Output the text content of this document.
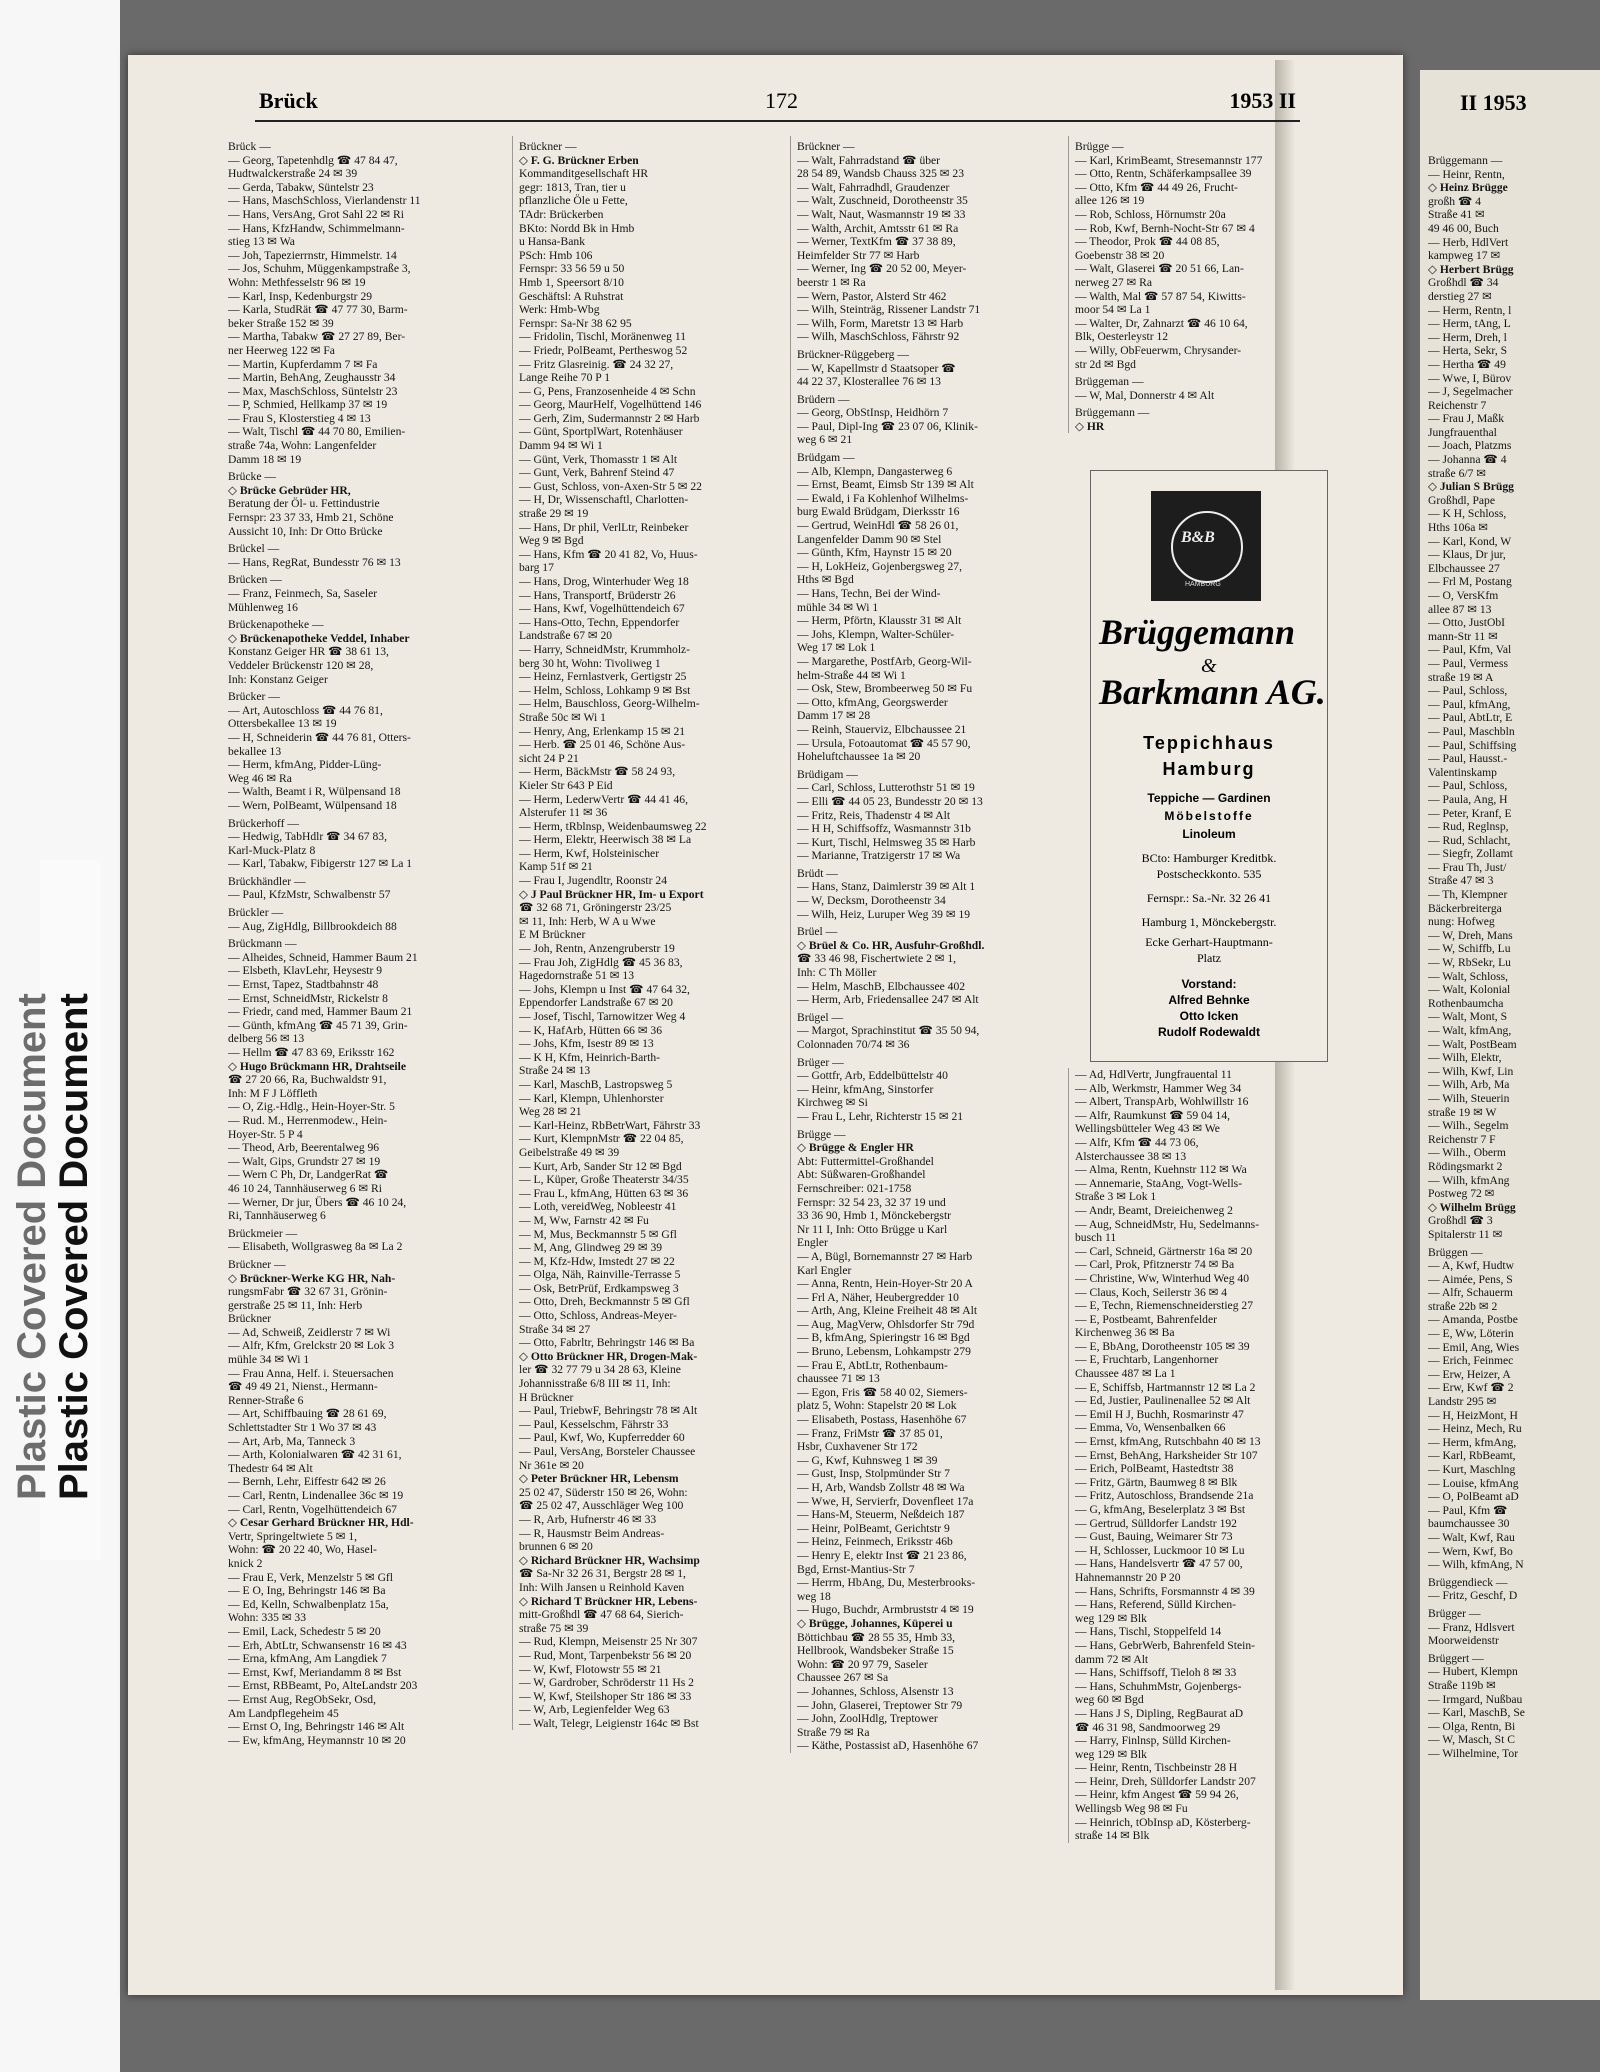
Plastic Covered Document
Plastic Covered Document
II 1953
Brüggemann —
— Heinr, Rentn,
◇ Heinz Brügge
großh ☎ 4
Straße 41 ✉
49 46 00, Buch
— Herb, HdlVert
kampweg 17 ✉
◇ Herbert Brügg
Großhdl ☎ 34
derstieg 27 ✉
— Herm, Rentn, l
— Herm, tAng, L
— Herm, Dreh, l
— Herta, Sekr, S
— Hertha ☎ 49
— Wwe, I, Bürov
— J, Segelmacher
Reichenstr 7
— Frau J, Maßk
Jungfrauenthal
— Joach, Platzms
— Johanna ☎ 4
straße 6/7 ✉
◇ Julian S Brügg
Großhdl, Pape
— K H, Schloss,
Hths 106a ✉
— Karl, Kond, W
— Klaus, Dr jur,
Elbchaussee 27
— Frl M, Postang
— O, VersKfm
allee 87 ✉ 13
— Otto, JustObI
mann-Str 11 ✉
— Paul, Kfm, Val
— Paul, Vermess
straße 19 ✉ A
— Paul, Schloss,
— Paul, kfmAng,
— Paul, AbtLtr, E
— Paul, Maschbln
— Paul, Schiffsing
— Paul, Hausst.-
Valentinskamp
— Paul, Schloss,
— Paula, Ang, H
— Peter, Kranf, E
— Rud, Reglnsp,
— Rud, Schlacht,
— Siegfr, Zollamt
— Frau Th, Just/
Straße 47 ✉ 3
— Th, Klempner
Bäckerbreiterga
nung: Hofweg
— W, Dreh, Mans
— W, Schiffb, Lu
— W, RbSekr, Lu
— Walt, Schloss,
— Walt, Kolonial
Rothenbaumcha
— Walt, Mont, S
— Walt, kfmAng,
— Walt, PostBeam
— Wilh, Elektr,
— Wilh, Kwf, Lin
— Wilh, Arb, Ma
— Wilh, Steuerin
straße 19 ✉ W
— Wilh., Segelm
Reichenstr 7 F
— Wilh., Oberm
Rödingsmarkt 2
— Wilh, kfmAng
Postweg 72 ✉
◇ Wilhelm Brügg
Großhdl ☎ 3
Spitalerstr 11 ✉
Brüggen —
— A, Kwf, Hudtw
— Aimée, Pens, S
— Alfr, Schauerm
straße 22b ✉ 2
— Amanda, Postbe
— E, Ww, Löterin
— Emil, Ang, Wies
— Erich, Feinmec
— Erw, Heizer, A
— Erw, Kwf ☎ 2
Landstr 295 ✉
— H, HeizMont, H
— Heinz, Mech, Ru
— Herm, kfmAng,
— Karl, RbBeamt,
— Kurt, Maschlng
— Louise, kfmAng
— O, PolBeamt aD
— Paul, Kfm ☎
baumchaussee 30
— Walt, Kwf, Rau
— Wern, Kwf, Bo
— Wilh, kfmAng, N
Brüggendieck —
— Fritz, Geschf, D
Brügger —
— Franz, Hdlsvert
Moorweidenstr
Brüggert —
— Hubert, Klempn
Straße 119b ✉
— Irmgard, Nußbau
— Karl, MaschB, Se
— Olga, Rentn, Bi
— W, Masch, St C
— Wilhelmine, Tor
Brück	172	1953 II
Brück —
— Georg, Tapetenhdlg ☎ 47 84 47,
Hudtwalckerstraße 24 ✉ 39
— Gerda, Tabakw, Süntelstr 23
— Hans, MaschSchloss, Vierlandenstr 11
— Hans, VersAng, Grot Sahl 22 ✉ Ri
— Hans, KfzHandw, Schimmelmann-
stieg 13 ✉ Wa
— Joh, Tapezierrnstr, Himmelstr. 14
— Jos, Schuhm, Müggenkampstraße 3,
Wohn: Methfesselstr 96 ✉ 19
— Karl, Insp, Kedenburgstr 29
— Karla, StudRät ☎ 47 77 30, Barm-
beker Straße 152 ✉ 39
— Martha, Tabakw ☎ 27 27 89, Ber-
ner Heerweg 122 ✉ Fa
— Martin, Kupferdamm 7 ✉ Fa
— Martin, BehAng, Zeughausstr 34
— Max, MaschSchloss, Süntelstr 23
— P, Schmied, Hellkamp 37 ✉ 19
— Frau S, Klosterstieg 4 ✉ 13
— Walt, Tischl ☎ 44 70 80, Emilien-
straße 74a, Wohn: Langenfelder
Damm 18 ✉ 19
Brücke —
◇ Brücke Gebrüder HR,
Beratung der Öl- u. Fettindustrie
Fernspr: 23 37 33, Hmb 21, Schöne
Aussicht 10, Inh: Dr Otto Brücke
Brückel —
— Hans, RegRat, Bundesstr 76 ✉ 13
Brücken —
— Franz, Feinmech, Sa, Saseler
Mühlenweg 16
Brückenapotheke —
◇ Brückenapotheke Veddel, Inhaber
Konstanz Geiger HR ☎ 38 61 13,
Veddeler Brückenstr 120 ✉ 28,
Inh: Konstanz Geiger
Brücker —
— Art, Autoschloss ☎ 44 76 81,
Ottersbekallee 13 ✉ 19
— H, Schneiderin ☎ 44 76 81, Otters-
bekallee 13
— Herm, kfmAng, Pidder-Lüng-
Weg 46 ✉ Ra
— Walth, Beamt i R, Wülpensand 18
— Wern, PolBeamt, Wülpensand 18
Brückerhoff —
— Hedwig, TabHdlr ☎ 34 67 83,
Karl-Muck-Platz 8
— Karl, Tabakw, Fibigerstr 127 ✉ La 1
Brückhändler —
— Paul, KfzMstr, Schwalbenstr 57
Brückler —
— Aug, ZigHdlg, Billbrookdeich 88
Brückmann —
— Alheides, Schneid, Hammer Baum 21
— Elsbeth, KlavLehr, Heysestr 9
— Ernst, Tapez, Stadtbahnstr 48
— Ernst, SchneidMstr, Rickelstr 8
— Friedr, cand med, Hammer Baum 21
— Günth, kfmAng ☎ 45 71 39, Grin-
delberg 56 ✉ 13
— Hellm ☎ 47 83 69, Eriksstr 162
◇ Hugo Brückmann HR, Drahtseile
☎ 27 20 66, Ra, Buchwaldstr 91,
Inh: M F J Löffleth
— O, Zig.-Hdlg., Hein-Hoyer-Str. 5
— Rud. M., Herrenmodew., Hein-
Hoyer-Str. 5 P 4
— Theod, Arb, Beerentalweg 96
— Walt, Gips, Grundstr 27 ✉ 19
— Wern C Ph, Dr, LandgerRat ☎
46 10 24, Tannhäuserweg 6 ✉ Ri
— Werner, Dr jur, Übers ☎ 46 10 24,
Ri, Tannhäuserweg 6
Brückmeier —
— Elisabeth, Wollgrasweg 8a ✉ La 2
Brückner —
◇ Brückner-Werke KG HR, Nah-
rungsmFabr ☎ 32 67 31, Grönin-
gerstraße 25 ✉ 11, Inh: Herb
Brückner
— Ad, Schweiß, Zeidlerstr 7 ✉ Wi
— Alfr, Kfm, Grelckstr 20 ✉ Lok 3
mühle 34 ✉ Wi 1
— Frau Anna, Helf. i. Steuersachen
☎ 49 49 21, Nienst., Hermann-
Renner-Straße 6
— Art, Schiffbauing ☎ 28 61 69,
Schlettstadter Str 1 Wo 37 ✉ 43
— Art, Arb, Ma, Tanneck 3
— Arth, Kolonialwaren ☎ 42 31 61,
Thedestr 64 ✉ Alt
— Bernh, Lehr, Eiffestr 642 ✉ 26
— Carl, Rentn, Lindenallee 36c ✉ 19
— Carl, Rentn, Vogelhüttendeich 67
◇ Cesar Gerhard Brückner HR, Hdl-
Vertr, Springeltwiete 5 ✉ 1,
Wohn: ☎ 20 22 40, Wo, Hasel-
knick 2
— Frau E, Verk, Menzelstr 5 ✉ Gfl
— E O, Ing, Behringstr 146 ✉ Ba
— Ed, Kelln, Schwalbenplatz 15a,
Wohn: 335 ✉ 33
— Emil, Lack, Schedestr 5 ✉ 20
— Erh, AbtLtr, Schwansenstr 16 ✉ 43
— Erna, kfmAng, Am Langdiek 7
— Ernst, Kwf, Meriandamm 8 ✉ Bst
— Ernst, RBBeamt, Po, AlteLandstr 203
— Ernst Aug, RegObSekr, Osd,
Am Landpflegeheim 45
— Ernst O, Ing, Behringstr 146 ✉ Alt
— Ew, kfmAng, Heymannstr 10 ✉ 20
Brückner —
◇ F. G. Brückner Erben
Kommanditgesellschaft HR
gegr: 1813, Tran, tier u
pflanzliche Öle u Fette,
TAdr: Brückerben
BKto: Nordd Bk in Hmb
u Hansa-Bank
PSch: Hmb 106
Fernspr: 33 56 59 u 50
Hmb 1, Speersort 8/10
Geschäftsl: A Ruhstrat
Werk: Hmb-Wbg
Fernspr: Sa-Nr 38 62 95
— Fridolin, Tischl, Moränenweg 11
— Friedr, PolBeamt, Pertheswog 52
— Fritz Glasreinig. ☎ 24 32 27,
Lange Reihe 70 P 1
— G, Pens, Franzosenheide 4 ✉ Schn
— Georg, MaurHelf, Vogelhüttend 146
— Gerh, Zim, Sudermannstr 2 ✉ Harb
— Günt, SportplWart, Rotenhäuser
Damm 94 ✉ Wi 1
— Günt, Verk, Thomasstr 1 ✉ Alt
— Gunt, Verk, Bahrenf Steind 47
— Gust, Schloss, von-Axen-Str 5 ✉ 22
— H, Dr, Wissenschaftl, Charlotten-
straße 29 ✉ 19
— Hans, Dr phil, VerlLtr, Reinbeker
Weg 9 ✉ Bgd
— Hans, Kfm ☎ 20 41 82, Vo, Huus-
barg 17
— Hans, Drog, Winterhuder Weg 18
— Hans, Transportf, Brüderstr 26
— Hans, Kwf, Vogelhüttendeich 67
— Hans-Otto, Techn, Eppendorfer
Landstraße 67 ✉ 20
— Harry, SchneidMstr, Krummholz-
berg 30 ht, Wohn: Tivoliweg 1
— Heinz, Fernlastverk, Gertigstr 25
— Helm, Schloss, Lohkamp 9 ✉ Bst
— Helm, Bauschloss, Georg-Wilhelm-
Straße 50c ✉ Wi 1
— Henry, Ang, Erlenkamp 15 ✉ 21
— Herb. ☎ 25 01 46, Schöne Aus-
sicht 24 P 21
— Herm, BäckMstr ☎ 58 24 93,
Kieler Str 643 P Eid
— Herm, LederwVertr ☎ 44 41 46,
Alsterufer 11 ✉ 36
— Herm, tRblnsp, Weidenbaumsweg 22
— Herm, Elektr, Heerwisch 38 ✉ La
— Herm, Kwf, Holsteinischer
Kamp 51f ✉ 21
— Frau I, Jugendltr, Roonstr 24
◇ J Paul Brückner HR, Im- u Export
☎ 32 68 71, Gröningerstr 23/25
✉ 11, Inh: Herb, W A u Wwe
E M Brückner
— Joh, Rentn, Anzengruberstr 19
— Frau Joh, ZigHdlg ☎ 45 36 83,
Hagedornstraße 51 ✉ 13
— Johs, Klempn u Inst ☎ 47 64 32,
Eppendorfer Landstraße 67 ✉ 20
— Josef, Tischl, Tarnowitzer Weg 4
— K, HafArb, Hütten 66 ✉ 36
— Johs, Kfm, Isestr 89 ✉ 13
— K H, Kfm, Heinrich-Barth-
Straße 24 ✉ 13
— Karl, MaschB, Lastropsweg 5
— Karl, Klempn, Uhlenhorster
Weg 28 ✉ 21
— Karl-Heinz, RbBetrWart, Fährstr 33
— Kurt, KlempnMstr ☎ 22 04 85,
Geibelstraße 49 ✉ 39
— Kurt, Arb, Sander Str 12 ✉ Bgd
— L, Küper, Große Theaterstr 34/35
— Frau L, kfmAng, Hütten 63 ✉ 36
— Loth, vereidWeg, Nobleestr 41
— M, Ww, Farnstr 42 ✉ Fu
— M, Mus, Beckmannstr 5 ✉ Gfl
— M, Ang, Glindweg 29 ✉ 39
— M, Kfz-Hdw, Imstedt 27 ✉ 22
— Olga, Näh, Rainville-Terrasse 5
— Osk, BetrPrüf, Erdkampsweg 3
— Otto, Dreh, Beckmannstr 5 ✉ Gfl
— Otto, Schloss, Andreas-Meyer-
Straße 34 ✉ 27
— Otto, Fabrltr, Behringstr 146 ✉ Ba
◇ Otto Brückner HR, Drogen-Mak-
ler ☎ 32 77 79 u 34 28 63, Kleine
Johannisstraße 6/8 III ✉ 11, Inh:
H Brückner
— Paul, TriebwF, Behringstr 78 ✉ Alt
— Paul, Kesselschm, Fährstr 33
— Paul, Kwf, Wo, Kupferredder 60
— Paul, VersAng, Borsteler Chaussee
Nr 361e ✉ 20
◇ Peter Brückner HR, Lebensm
25 02 47, Süderstr 150 ✉ 26, Wohn:
☎ 25 02 47, Ausschläger Weg 100
— R, Arb, Hufnerstr 46 ✉ 33
— R, Hausmstr Beim Andreas-
brunnen 6 ✉ 20
◇ Richard Brückner HR, Wachsimp
☎ Sa-Nr 32 26 31, Bergstr 28 ✉ 1,
Inh: Wilh Jansen u Reinhold Kaven
◇ Richard T Brückner HR, Lebens-
mitt-Großhdl ☎ 47 68 64, Sierich-
straße 75 ✉ 39
— Rud, Klempn, Meisenstr 25 Nr 307
— Rud, Mont, Tarpenbekstr 56 ✉ 20
— W, Kwf, Flotowstr 55 ✉ 21
— W, Gardrober, Schröderstr 11 Hs 2
— W, Kwf, Steilshoper Str 186 ✉ 33
— W, Arb, Legienfelder Weg 63
— Walt, Telegr, Leigienstr 164c ✉ Bst
Brückner —
— Walt, Fahrradstand ☎ über
28 54 89, Wandsb Chauss 325 ✉ 23
— Walt, Fahrradhdl, Graudenzer
— Walt, Zuschneid, Dorotheenstr 35
— Walt, Naut, Wasmannstr 19 ✉ 33
— Walth, Archit, Amtsstr 61 ✉ Ra
— Werner, TextKfm ☎ 37 38 89,
Heimfelder Str 77 ✉ Harb
— Werner, Ing ☎ 20 52 00, Meyer-
beerstr 1 ✉ Ra
— Wern, Pastor, Alsterd Str 462
— Wilh, Steinträg, Rissener Landstr 71
— Wilh, Form, Maretstr 13 ✉ Harb
— Wilh, MaschSchloss, Fährstr 92
Brückner-Rüggeberg —
— W, Kapellmstr d Staatsoper ☎
44 22 37, Klosterallee 76 ✉ 13
Brüdern —
— Georg, ObStInsp, Heidhörn 7
— Paul, Dipl-Ing ☎ 23 07 06, Klinik-
weg 6 ✉ 21
Brüdgam —
— Alb, Klempn, Dangasterweg 6
— Ernst, Beamt, Eimsb Str 139 ✉ Alt
— Ewald, i Fa Kohlenhof Wilhelms-
burg Ewald Brüdgam, Dierksstr 16
— Gertrud, WeinHdl ☎ 58 26 01,
Langenfelder Damm 90 ✉ Stel
— Günth, Kfm, Haynstr 15 ✉ 20
— H, LokHeiz, Gojenbergsweg 27,
Hths ✉ Bgd
— Hans, Techn, Bei der Wind-
mühle 34 ✉ Wi 1
— Herm, Pförtn, Klausstr 31 ✉ Alt
— Johs, Klempn, Walter-Schüler-
Weg 17 ✉ Lok 1
— Margarethe, PostfArb, Georg-Wil-
helm-Straße 44 ✉ Wi 1
— Osk, Stew, Brombeerweg 50 ✉ Fu
— Otto, kfmAng, Georgswerder
Damm 17 ✉ 28
— Reinh, Stauerviz, Elbchaussee 21
— Ursula, Fotoautomat ☎ 45 57 90,
Hoheluftchaussee 1a ✉ 20
Brüdigam —
— Carl, Schloss, Lutterothstr 51 ✉ 19
— Elli ☎ 44 05 23, Bundesstr 20 ✉ 13
— Fritz, Reis, Thadenstr 4 ✉ Alt
— H H, Schiffsoffz, Wasmannstr 31b
— Kurt, Tischl, Helmsweg 35 ✉ Harb
— Marianne, Tratzigerstr 17 ✉ Wa
Brüdt —
— Hans, Stanz, Daimlerstr 39 ✉ Alt 1
— W, Decksm, Dorotheenstr 34
— Wilh, Heiz, Luruper Weg 39 ✉ 19
Brüel —
◇ Brüel & Co. HR, Ausfuhr-Großhdl.
☎ 33 46 98, Fischertwiete 2 ✉ 1,
Inh: C Th Möller
— Helm, MaschB, Elbchaussee 402
— Herm, Arb, Friedensallee 247 ✉ Alt
Brügel —
— Margot, Sprachinstitut ☎ 35 50 94,
Colonnaden 70/74 ✉ 36
Brüger —
— Gottfr, Arb, Eddelbüttelstr 40
— Heinr, kfmAng, Sinstorfer
Kirchweg ✉ Si
— Frau L, Lehr, Richterstr 15 ✉ 21
Brügge —
◇ Brügge & Engler HR
Abt: Futtermittel-Großhandel
Abt: Süßwaren-Großhandel
Fernschreiber: 021-1758
Fernspr: 32 54 23, 32 37 19 und
33 36 90, Hmb 1, Mönckebergstr
Nr 11 I, Inh: Otto Brügge u Karl
Engler
— A, Bügl, Bornemannstr 27 ✉ Harb
Karl Engler
— Anna, Rentn, Hein-Hoyer-Str 20 A
— Frl A, Näher, Heubergredder 10
— Arth, Ang, Kleine Freiheit 48 ✉ Alt
— Aug, MagVerw, Ohlsdorfer Str 79d
— B, kfmAng, Spieringstr 16 ✉ Bgd
— Bruno, Lebensm, Lohkampstr 279
— Frau E, AbtLtr, Rothenbaum-
chaussee 71 ✉ 13
— Egon, Fris ☎ 58 40 02, Siemers-
platz 5, Wohn: Stapelstr 20 ✉ Lok
— Elisabeth, Postass, Hasenhöhe 67
— Franz, FriMstr ☎ 37 85 01,
Hsbr, Cuxhavener Str 172
— G, Kwf, Kuhnsweg 1 ✉ 39
— Gust, Insp, Stolpmünder Str 7
— H, Arb, Wandsb Zollstr 48 ✉ Wa
— Wwe, H, Servierfr, Dovenfleet 17a
— Hans-M, Steuerm, Neßdeich 187
— Heinr, PolBeamt, Gerichtstr 9
— Heinz, Feinmech, Eriksstr 46b
— Henry E, elektr Inst ☎ 21 23 86,
Bgd, Ernst-Mantius-Str 7
— Herrm, HbAng, Du, Mesterbrooks-
weg 18
— Hugo, Buchdr, Armbruststr 4 ✉ 19
◇ Brügge, Johannes, Küperei u
Böttichbau ☎ 28 55 35, Hmb 33,
Hellbrook, Wandsbeker Straße 15
Wohn: ☎ 20 97 79, Saseler
Chaussee 267 ✉ Sa
— Johannes, Schloss, Alsenstr 13
— John, Glaserei, Treptower Str 79
— John, ZoolHdlg, Treptower
Straße 79 ✉ Ra
— Käthe, Postassist aD, Hasenhöhe 67
Brügge —
— Karl, KrimBeamt, Stresemannstr 177
— Otto, Rentn, Schäferkampsallee 39
— Otto, Kfm ☎ 44 49 26, Frucht-
allee 126 ✉ 19
— Rob, Schloss, Hörnumstr 20a
— Rob, Kwf, Bernh-Nocht-Str 67 ✉ 4
— Theodor, Prok ☎ 44 08 85,
Goebenstr 38 ✉ 20
— Walt, Glaserei ☎ 20 51 66, Lan-
nerweg 27 ✉ Ra
— Walth, Mal ☎ 57 87 54, Kiwitts-
moor 54 ✉ La 1
— Walter, Dr, Zahnarzt ☎ 46 10 64,
Blk, Oesterleystr 12
— Willy, ObFeuerwm, Chrysander-
str 2d ✉ Bgd
Brüggeman —
— W, Mal, Donnerstr 4 ✉ Alt
Brüggemann —
◇ HR
B&B
HAMBURG
Brüggemann
&
Barkmann AG.
Teppichhaus
Hamburg
Teppiche — Gardinen
Möbelstoffe
Linoleum
BCto: Hamburger Kreditbk.
Postscheckkonto. 535
Fernspr.: Sa.-Nr. 32 26 41
Hamburg 1, Mönckebergstr.
Ecke Gerhart-Hauptmann-
Platz
Vorstand:
Alfred Behnke
Otto Icken
Rudolf Rodewaldt
— Ad, HdlVertr, Jungfrauental 11
— Alb, Werkmstr, Hammer Weg 34
— Albert, TranspArb, Wohlwillstr 16
— Alfr, Raumkunst ☎ 59 04 14,
Wellingsbütteler Weg 43 ✉ We
— Alfr, Kfm ☎ 44 73 06,
Alsterchaussee 38 ✉ 13
— Alma, Rentn, Kuehnstr 112 ✉ Wa
— Annemarie, StaAng, Vogt-Wells-
Straße 3 ✉ Lok 1
— Andr, Beamt, Dreieichenweg 2
— Aug, SchneidMstr, Hu, Sedelmanns-
busch 11
— Carl, Schneid, Gärtnerstr 16a ✉ 20
— Carl, Prok, Pfitznerstr 74 ✉ Ba
— Christine, Ww, Winterhud Weg 40
— Claus, Koch, Seilerstr 36 ✉ 4
— E, Techn, Riemenschneiderstieg 27
— E, Postbeamt, Bahrenfelder
Kirchenweg 36 ✉ Ba
— E, BbAng, Dorotheenstr 105 ✉ 39
— E, Fruchtarb, Langenhorner
Chaussee 487 ✉ La 1
— E, Schiffsb, Hartmannstr 12 ✉ La 2
— Ed, Justier, Paulinenallee 52 ✉ Alt
— Emil H J, Buchh, Rosmarinstr 47
— Emma, Vo, Wensenbalken 66
— Ernst, kfmAng, Rutschbahn 40 ✉ 13
— Ernst, BehAng, Harksheider Str 107
— Erich, PolBeamt, Hastedtstr 38
— Fritz, Gärtn, Baumweg 8 ✉ Blk
— Fritz, Autoschloss, Brandsende 21a
— G, kfmAng, Beselerplatz 3 ✉ Bst
— Gertrud, Sülldorfer Landstr 192
— Gust, Bauing, Weimarer Str 73
— H, Schlosser, Luckmoor 10 ✉ Lu
— Hans, Handelsvertr ☎ 47 57 00,
Hahnemannstr 20 P 20
— Hans, Schrifts, Forsmannstr 4 ✉ 39
— Hans, Referend, Sülld Kirchen-
weg 129 ✉ Blk
— Hans, Tischl, Stoppelfeld 14
— Hans, GebrWerb, Bahrenfeld Stein-
damm 72 ✉ Alt
— Hans, Schiffsoff, Tieloh 8 ✉ 33
— Hans, SchuhmMstr, Gojenbergs-
weg 60 ✉ Bgd
— Hans J S, Dipling, RegBaurat aD
☎ 46 31 98, Sandmoorweg 29
— Harry, Finlnsp, Sülld Kirchen-
weg 129 ✉ Blk
— Heinr, Rentn, Tischbeinstr 28 H
— Heinr, Dreh, Sülldorfer Landstr 207
— Heinr, kfm Angest ☎ 59 94 26,
Wellingsb Weg 98 ✉ Fu
— Heinrich, tObInsp aD, Kösterberg-
straße 14 ✉ Blk
